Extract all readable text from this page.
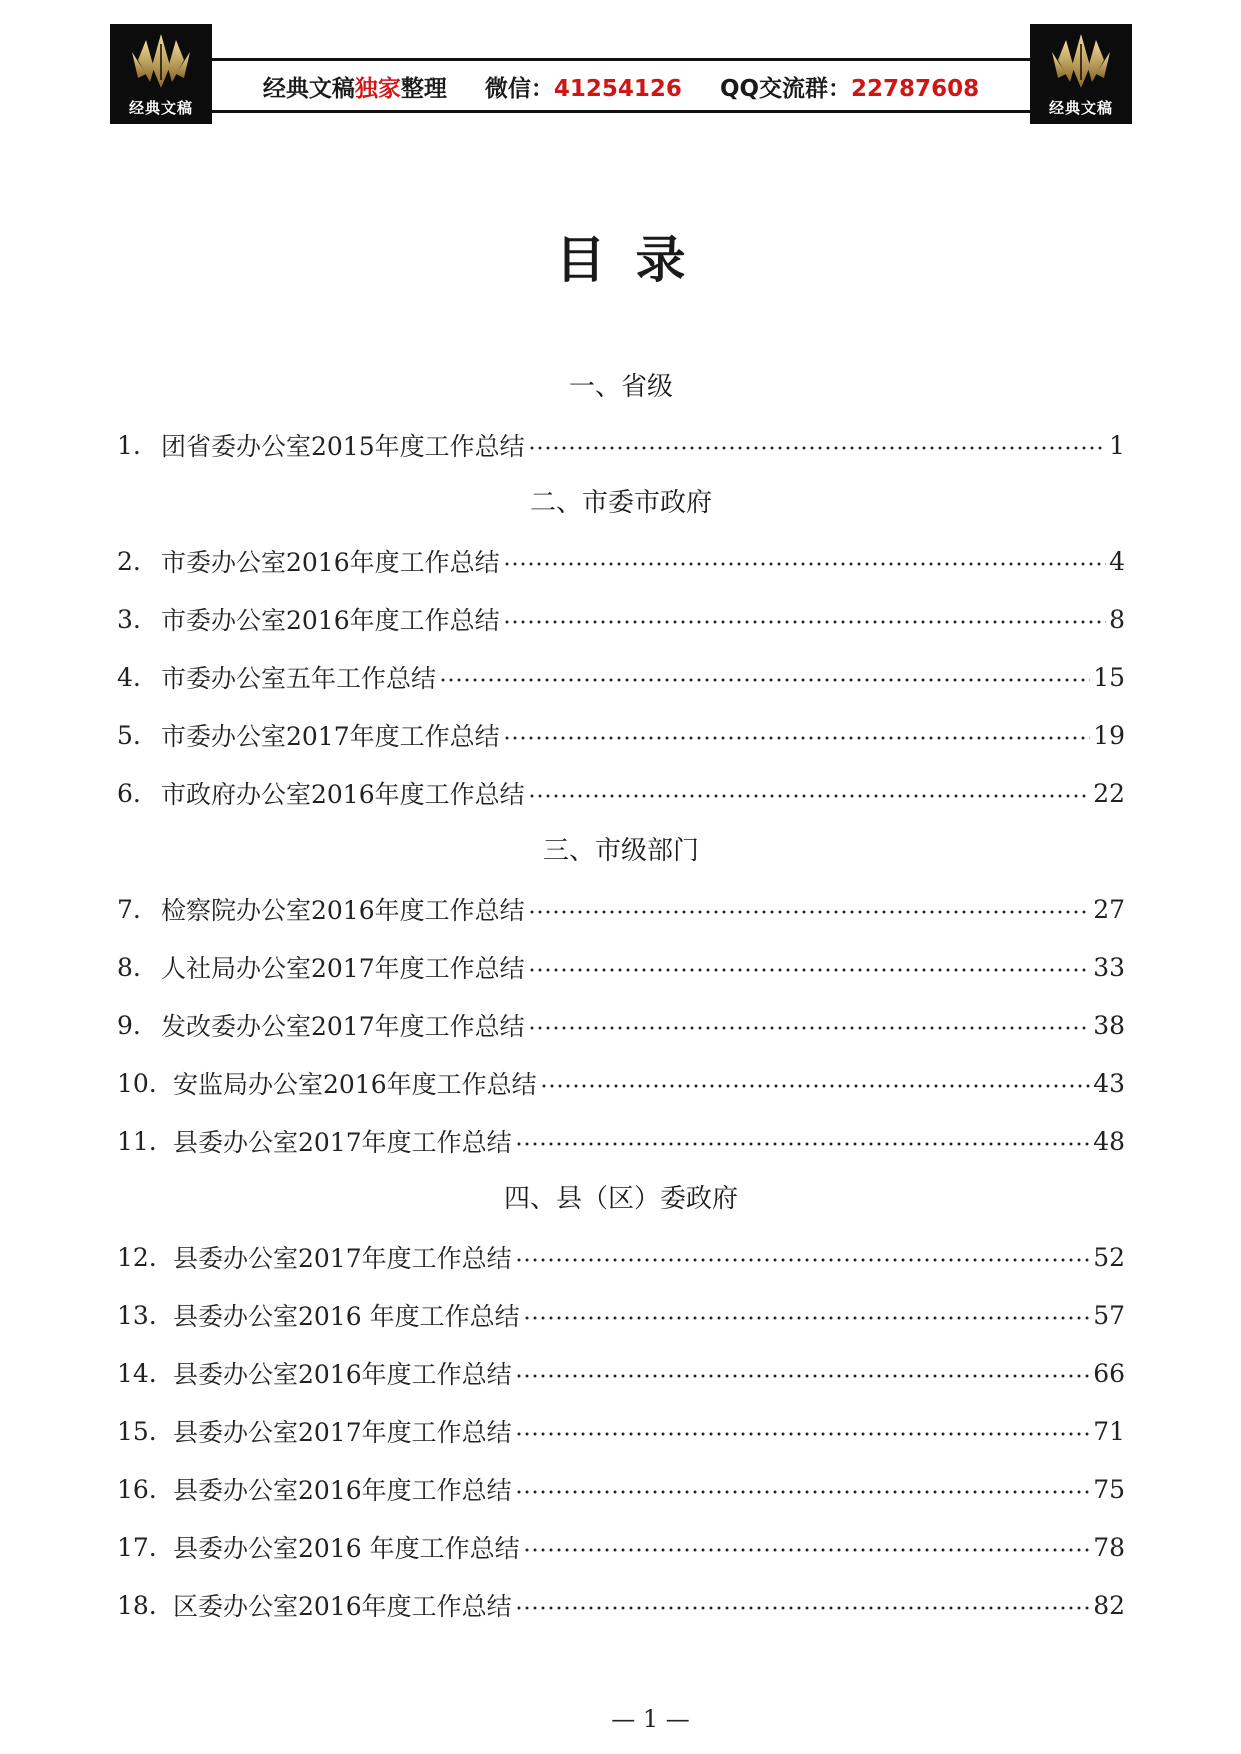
经典文稿
经典文稿独家整理 微信：41254126 QQ交流群：22787608
经典文稿
目录
一、省级
1. 团省委办公室2015年度工作总结	1
二、市委市政府
2. 市委办公室2016年度工作总结	4
3. 市委办公室2016年度工作总结	8
4. 市委办公室五年工作总结	15
5. 市委办公室2017年度工作总结	19
6. 市政府办公室2016年度工作总结	22
三、市级部门
7. 检察院办公室2016年度工作总结	27
8. 人社局办公室2017年度工作总结	33
9. 发改委办公室2017年度工作总结	38
10. 安监局办公室2016年度工作总结	43
11. 县委办公室2017年度工作总结	48
四、县（区）委政府
12. 县委办公室2017年度工作总结	52
13. 县委办公室2016 年度工作总结	57
14. 县委办公室2016年度工作总结	66
15. 县委办公室2017年度工作总结	71
16. 县委办公室2016年度工作总结	75
17. 县委办公室2016 年度工作总结	78
18. 区委办公室2016年度工作总结	82
— 1 —
